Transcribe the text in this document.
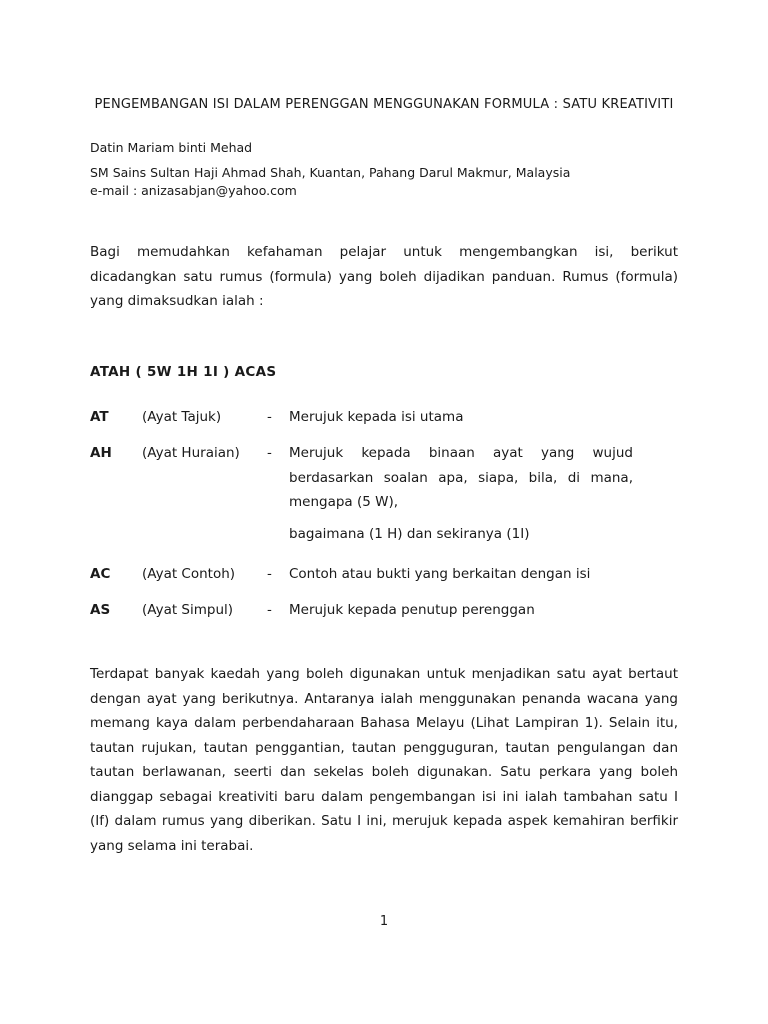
PENGEMBANGAN ISI DALAM PERENGGAN MENGGUNAKAN FORMULA : SATU KREATIVITI
Datin Mariam binti Mehad
SM Sains Sultan Haji Ahmad Shah, Kuantan, Pahang Darul Makmur, Malaysia
e-mail : anizasabjan@yahoo.com
Bagi memudahkan kefahaman pelajar untuk mengembangkan isi, berikut dicadangkan satu rumus (formula) yang boleh dijadikan panduan. Rumus (formula) yang dimaksudkan ialah :
ATAH ( 5W 1H 1I ) ACAS
AT (Ayat Tajuk)	- Merujuk kepada isi utama
AH (Ayat Huraian) - Merujuk kepada binaan ayat yang wujud berdasarkan soalan apa, siapa, bila, di mana, mengapa (5 W),
bagaimana (1 H) dan sekiranya (1I)
AC (Ayat Contoh) - Contoh atau bukti yang berkaitan dengan isi
AS (Ayat Simpul)	- Merujuk kepada penutup perenggan
Terdapat banyak kaedah yang boleh digunakan untuk menjadikan satu ayat bertaut dengan ayat yang berikutnya. Antaranya ialah menggunakan penanda wacana yang memang kaya dalam perbendaharaan Bahasa Melayu (Lihat Lampiran 1). Selain itu, tautan rujukan, tautan penggantian, tautan pengguguran, tautan pengulangan dan tautan berlawanan, seerti dan sekelas boleh digunakan. Satu perkara yang boleh dianggap sebagai kreativiti baru dalam pengembangan isi ini ialah tambahan satu I (If) dalam rumus yang diberikan. Satu I ini, merujuk kepada aspek kemahiran berfikir yang selama ini terabai.
1
